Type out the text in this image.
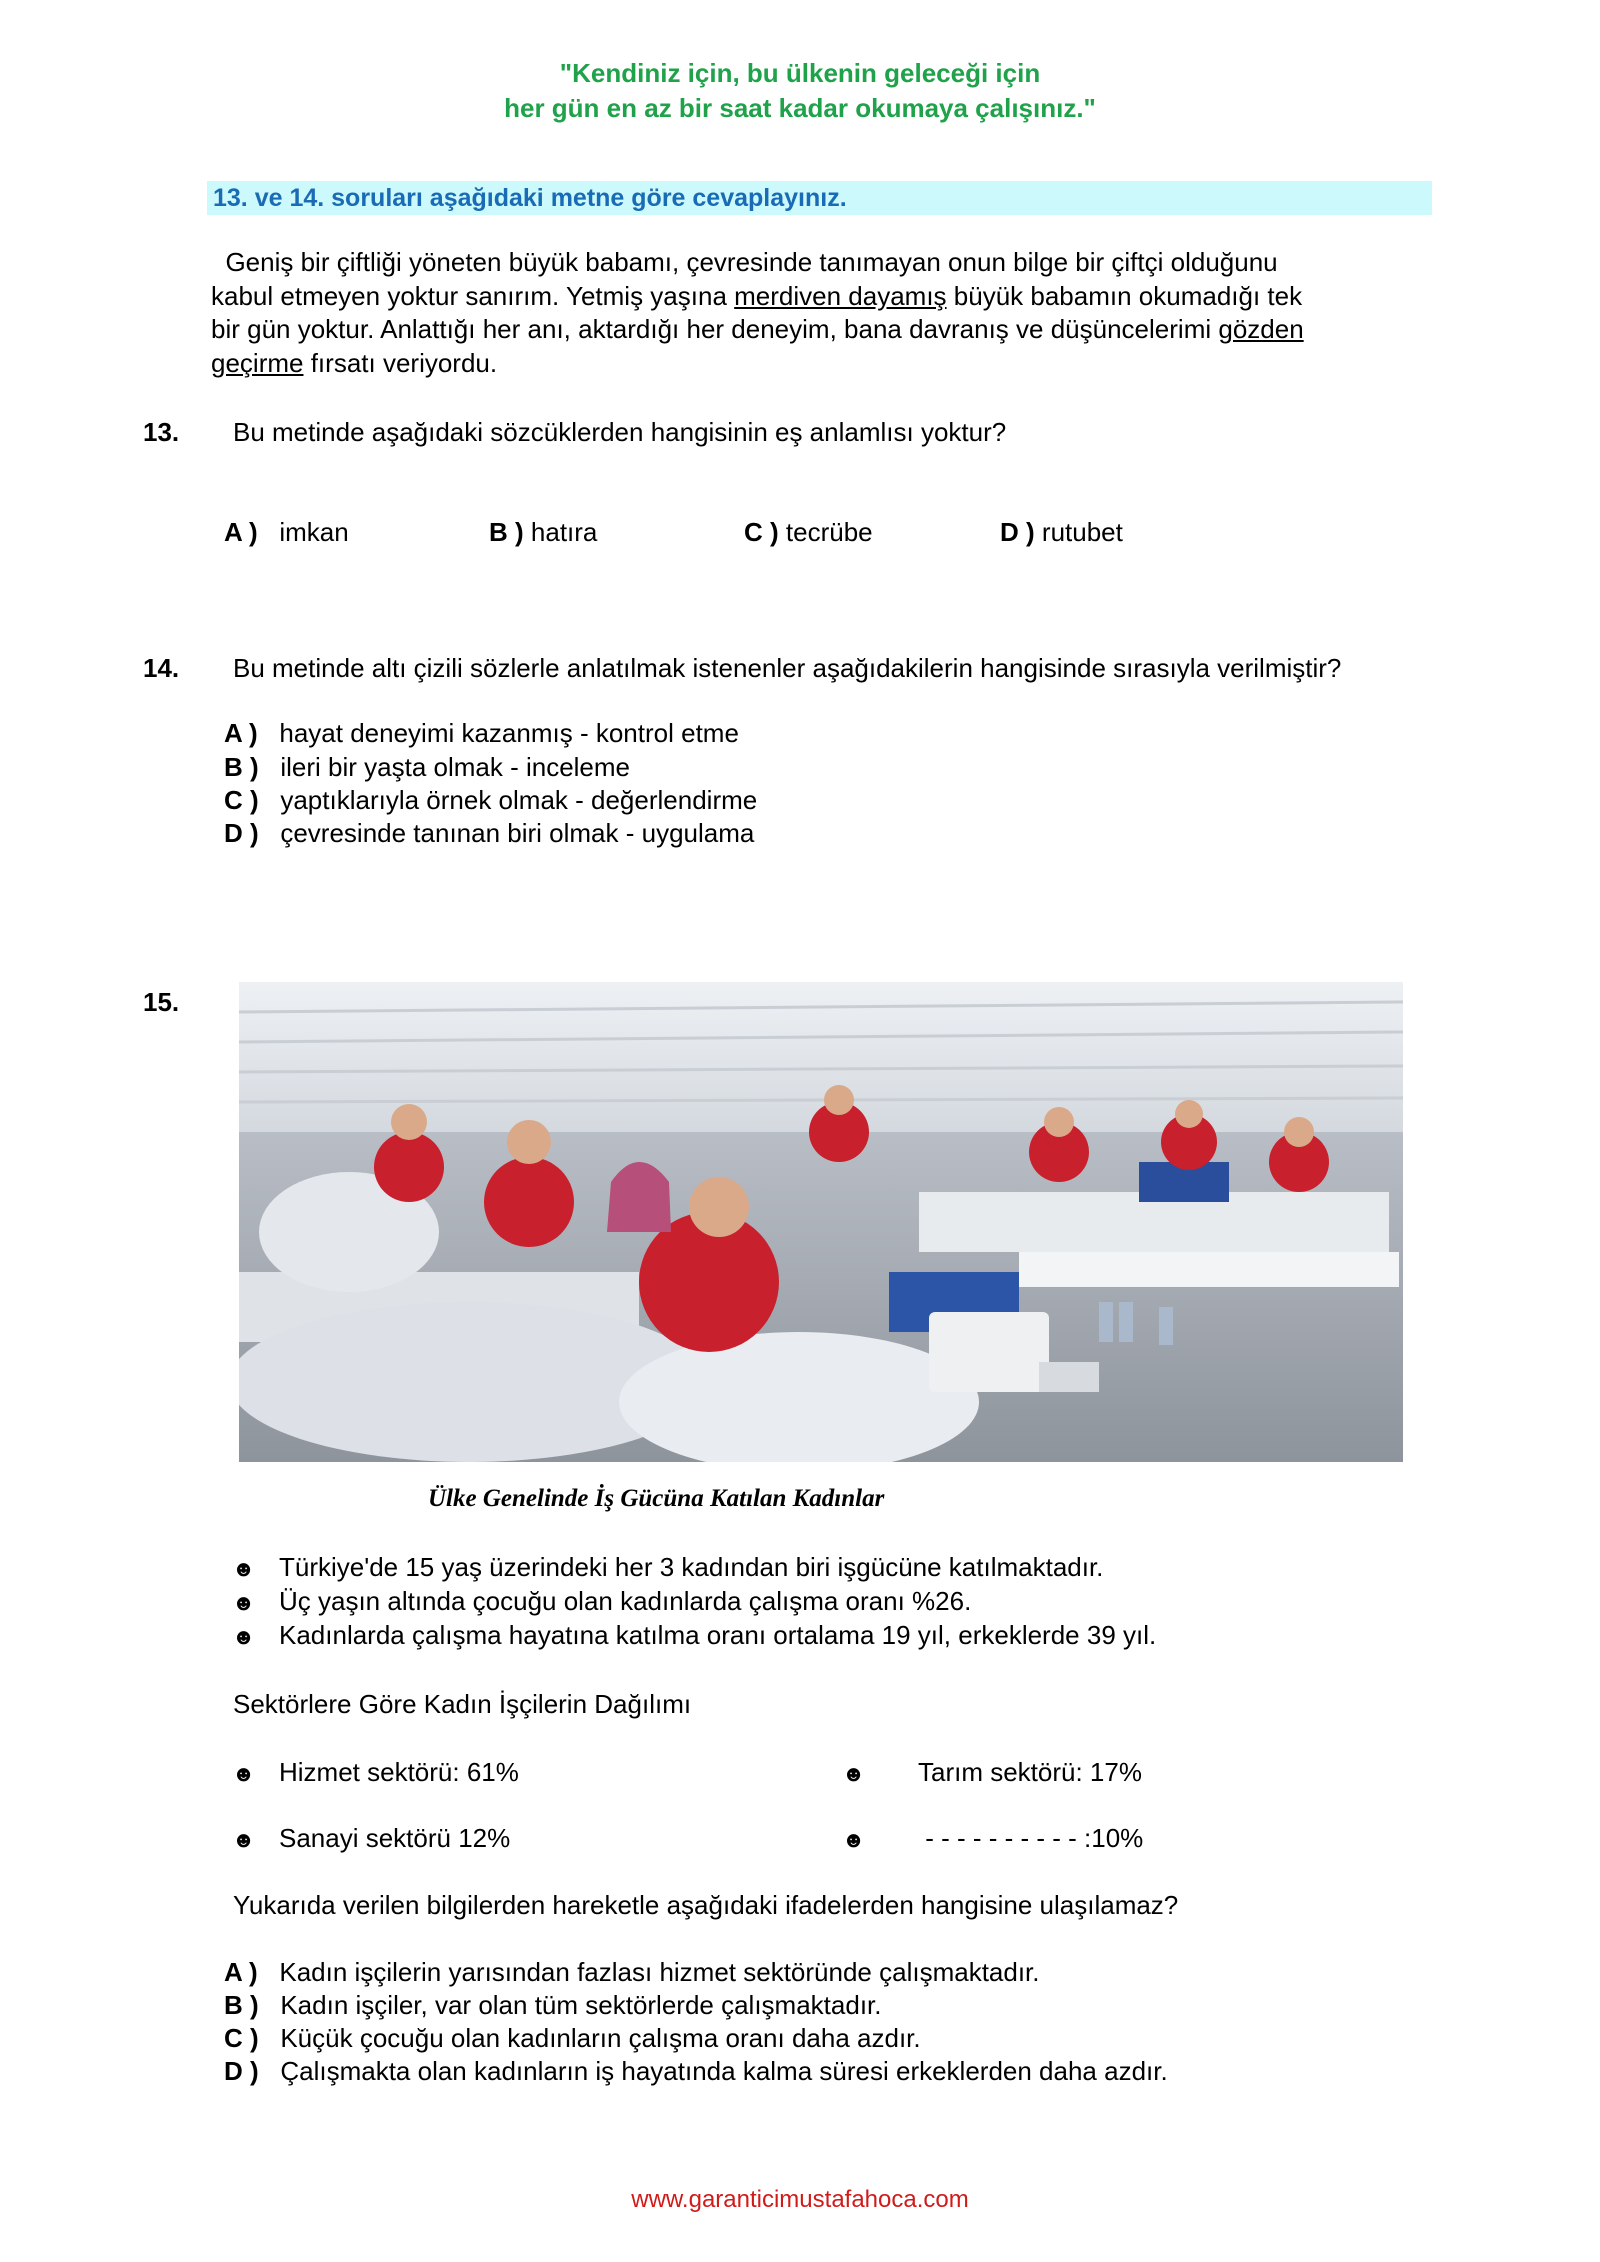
"Kendiniz için, bu ülkenin geleceği için
her gün en az bir saat kadar okumaya çalışınız."
13. ve 14. soruları aşağıdaki metne göre cevaplayınız.
Geniş bir çiftliği yöneten büyük babamı, çevresinde tanımayan onun bilge bir çiftçi olduğunu
kabul etmeyen yoktur sanırım. Yetmiş yaşına merdiven dayamış büyük babamın okumadığı tek
bir gün yoktur. Anlattığı her anı, aktardığı her deneyim, bana davranış ve düşüncelerimi gözden
geçirme fırsatı veriyordu.
13. Bu metinde aşağıdaki sözcüklerden hangisinin eş anlamlısı yoktur?
A ) imkan	B ) hatıra	C ) tecrübe	D ) rutubet
14. Bu metinde altı çizili sözlerle anlatılmak istenenler aşağıdakilerin hangisinde sırasıyla verilmiştir?
A ) hayat deneyimi kazanmış - kontrol etme
B ) ileri bir yaşta olmak - inceleme
C ) yaptıklarıyla örnek olmak - değerlendirme
D ) çevresinde tanınan biri olmak - uygulama
15.
Ülke Genelinde İş Gücüna Katılan Kadınlar
☻ Türkiye'de 15 yaş üzerindeki her 3 kadından biri işgücüne katılmaktadır.
☻ Üç yaşın altında çocuğu olan kadınlarda çalışma oranı %26.
☻ Kadınlarda çalışma hayatına katılma oranı ortalama 19 yıl, erkeklerde 39 yıl.
Sektörlere Göre Kadın İşçilerin Dağılımı
☻ Hizmet sektörü: 61%	☻ Tarım sektörü: 17%
☻ Sanayi sektörü 12%	☻ - - - - - - - - - - :10%
Yukarıda verilen bilgilerden hareketle aşağıdaki ifadelerden hangisine ulaşılamaz?
A ) Kadın işçilerin yarısından fazlası hizmet sektöründe çalışmaktadır.
B ) Kadın işçiler, var olan tüm sektörlerde çalışmaktadır.
C ) Küçük çocuğu olan kadınların çalışma oranı daha azdır.
D ) Çalışmakta olan kadınların iş hayatında kalma süresi erkeklerden daha azdır.
www.garanticimustafahoca.com
